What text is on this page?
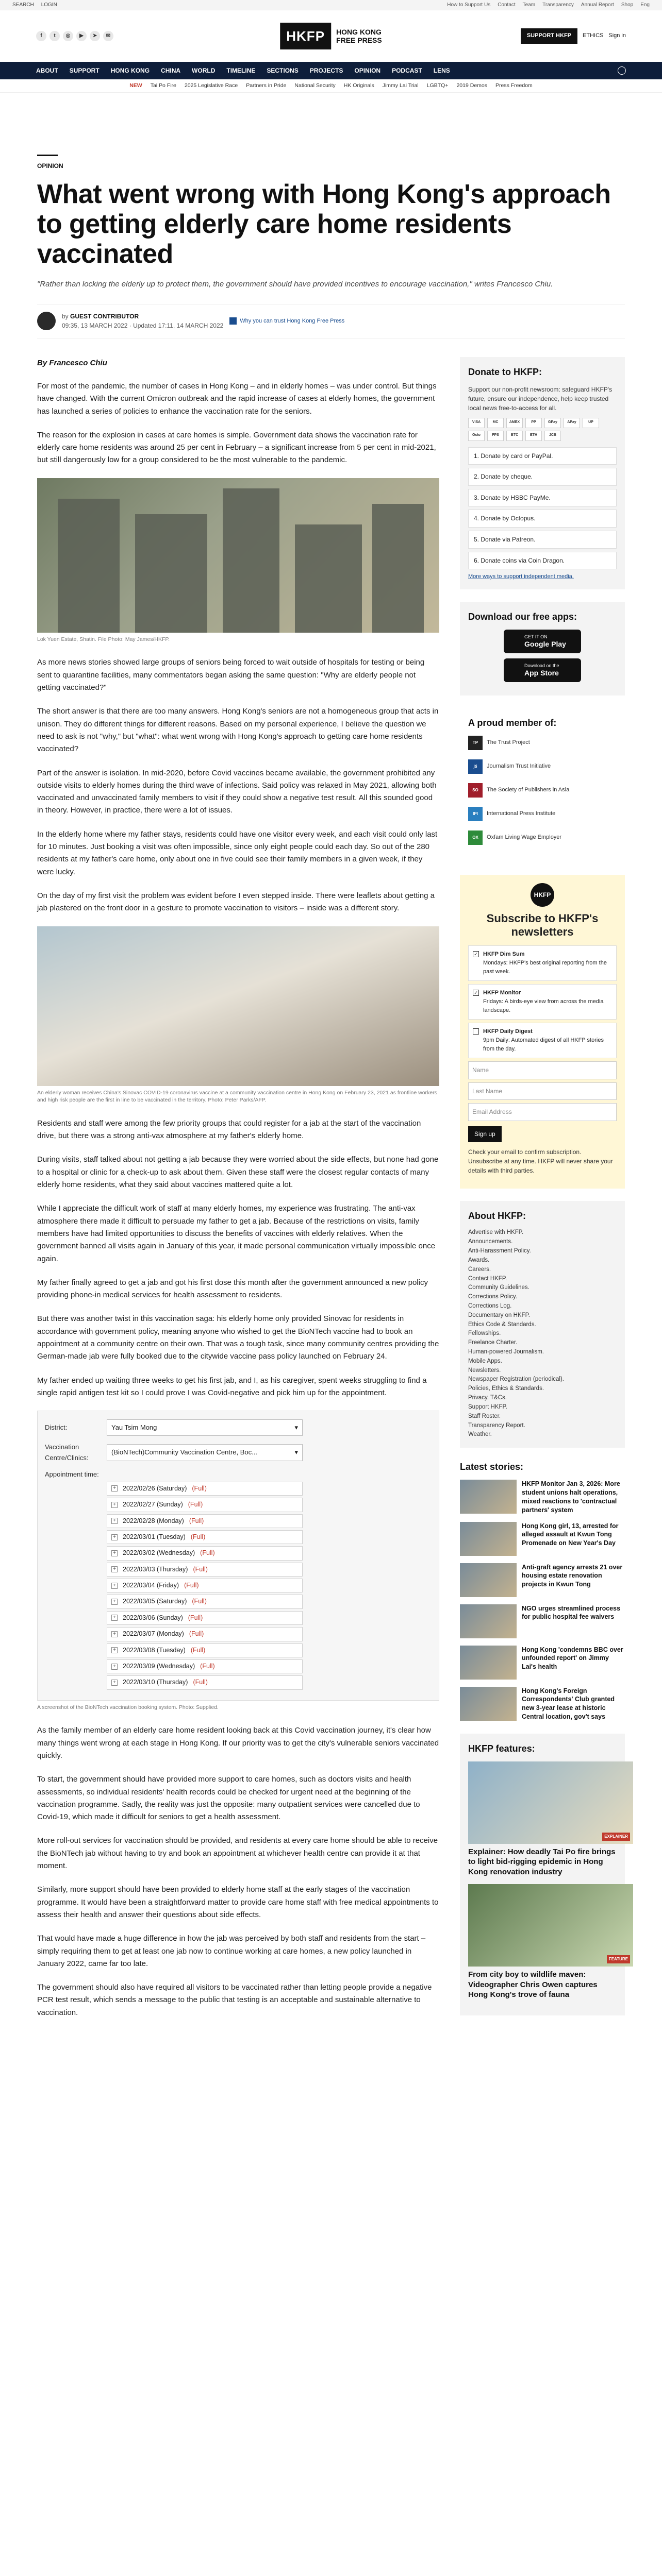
SEARCH LOGIN	How to Support Us Contact Team Transparency Annual Report Shop Eng
f	t	◎	▶	➤	✉	HKFP	HONG KONG
FREE PRESS
SUPPORT HKFP	ETHICS Sign in
ABOUT SUPPORT HONG KONG CHINA WORLD TIMELINE SECTIONS PROJECTS OPINION PODCAST LENS
NEW Tai Po Fire 2025 Legislative Race Partners in Pride National Security HK Originals Jimmy Lai Trial LGBTQ+ 2019 Demos Press Freedom
OPINION
What went wrong with Hong Kong's approach to getting elderly care home residents vaccinated

"Rather than locking the elderly up to protect them, the government should have provided incentives to encourage vaccination," writes Francesco Chiu.

by GUEST CONTRIBUTOR
09:35, 13 MARCH 2022 · Updated 17:11, 14 MARCH 2022
Why you can trust Hong Kong Free Press
By Francesco Chiu

For most of the pandemic, the number of cases in Hong Kong – and in elderly homes – was under control. But things have changed. With the current Omicron outbreak and the rapid increase of cases at elderly homes, the government has launched a series of policies to enhance the vaccination rate for the seniors.

The reason for the explosion in cases at care homes is simple. Government data shows the vaccination rate for elderly care home residents was around 25 per cent in February – a significant increase from 5 per cent in mid-2021, but still dangerously low for a group considered to be the most vulnerable to the pandemic.

Lok Yuen Estate, Shatin. File Photo: May James/HKFP.

As more news stories showed large groups of seniors being forced to wait outside of hospitals for testing or being sent to quarantine facilities, many commentators began asking the same question: "Why are elderly people not getting vaccinated?"

The short answer is that there are too many answers. Hong Kong's seniors are not a homogeneous group that acts in unison. They do different things for different reasons. Based on my personal experience, I believe the question we need to ask is not "why," but "what": what went wrong with Hong Kong's approach to getting care home residents vaccinated?

Part of the answer is isolation. In mid-2020, before Covid vaccines became available, the government prohibited any outside visits to elderly homes during the third wave of infections. Said policy was relaxed in May 2021, allowing both vaccinated and unvaccinated family members to visit if they could show a negative test result. All this sounded good in theory. However, in practice, there were a lot of issues.

In the elderly home where my father stays, residents could have one visitor every week, and each visit could only last for 10 minutes. Just booking a visit was often impossible, since only eight people could each day. So out of the 280 residents at my father's care home, only about one in five could see their family members in a given week, if they were lucky.

On the day of my first visit the problem was evident before I even stepped inside. There were leaflets about getting a jab plastered on the front door in a gesture to promote vaccination to visitors – inside was a different story.

An elderly woman receives China's Sinovac COVID-19 coronavirus vaccine at a community vaccination centre in Hong Kong on February 23, 2021 as frontline workers and high risk people are the first in line to be vaccinated in the territory. Photo: Peter Parks/AFP.

Residents and staff were among the few priority groups that could register for a jab at the start of the vaccination drive, but there was a strong anti-vax atmosphere at my father's elderly home.

During visits, staff talked about not getting a jab because they were worried about the side effects, but none had gone to a hospital or clinic for a check-up to ask about them. Given these staff were the closest regular contacts of many elderly home residents, what they said about vaccines mattered quite a lot.

While I appreciate the difficult work of staff at many elderly homes, my experience was frustrating. The anti-vax atmosphere there made it difficult to persuade my father to get a jab. Because of the restrictions on visits, family members have had limited opportunities to discuss the benefits of vaccines with elderly relatives. When the government banned all visits again in January of this year, it made personal communication virtually impossible once again.

My father finally agreed to get a jab and got his first dose this month after the government announced a new policy providing phone-in medical services for health assessment to residents.

But there was another twist in this vaccination saga: his elderly home only provided Sinovac for residents in accordance with government policy, meaning anyone who wished to get the BioNTech vaccine had to book an appointment at a community centre on their own. That was a tough task, since many community centres providing the German-made jab were fully booked due to the citywide vaccine pass policy launched on February 24.

My father ended up waiting three weeks to get his first jab, and I, as his caregiver, spent weeks struggling to find a single rapid antigen test kit so I could prove I was Covid-negative and pick him up for the appointment.

District:	Yau Tsim Mong	▾
Vaccination Centre/Clinics:
(BioNTech)Community Vaccination Centre, Boc...	▾
Appointment time:
+ 2022/02/26 (Saturday) (Full)
+ 2022/02/27 (Sunday) (Full)
+ 2022/02/28 (Monday) (Full)
+ 2022/03/01 (Tuesday) (Full)
+ 2022/03/02 (Wednesday) (Full)
+ 2022/03/03 (Thursday) (Full)
+ 2022/03/04 (Friday) (Full)
+ 2022/03/05 (Saturday) (Full)
+ 2022/03/06 (Sunday) (Full)
+ 2022/03/07 (Monday) (Full)
+ 2022/03/08 (Tuesday) (Full)
+ 2022/03/09 (Wednesday) (Full)
+ 2022/03/10 (Thursday) (Full)
A screenshot of the BioNTech vaccination booking system. Photo: Supplied.

As the family member of an elderly care home resident looking back at this Covid vaccination journey, it's clear how many things went wrong at each stage in Hong Kong. If our priority was to get the city's vulnerable seniors vaccinated quickly.

To start, the government should have provided more support to care homes, such as doctors visits and health assessments, so individual residents' health records could be checked for urgent need at the beginning of the vaccination programme. Sadly, the reality was just the opposite: many outpatient services were cancelled due to Covid-19, which made it difficult for seniors to get a health assessment.

More roll-out services for vaccination should be provided, and residents at every care home should be able to receive the BioNTech jab without having to try and book an appointment at whichever health centre can provide it at that moment.

Similarly, more support should have been provided to elderly home staff at the early stages of the vaccination programme. It would have been a straightforward matter to provide care home staff with free medical appointments to assess their health and answer their questions about side effects.

That would have made a huge difference in how the jab was perceived by both staff and residents from the start – simply requiring them to get at least one jab now to continue working at care homes, a new policy launched in January 2022, came far too late.

The government should also have required all visitors to be vaccinated rather than letting people provide a negative PCR test result, which sends a message to the public that testing is an acceptable and sustainable alternative to vaccination.

Donate to HKFP:
Support our non-profit newsroom: safeguard HKFP's future, ensure our independence, help keep trusted local news free-to-access for all.
VISA	MC	AMEX	PP	GPay	APay	UP
Octo	FPS	BTC	ETH	JCB
1. Donate by card or PayPal.
2. Donate by cheque.
3. Donate by HSBC PayMe.
4. Donate by Octopus.
5. Donate via Patreon.
6. Donate coins via Coin Dragon.
More ways to support independent media.
Download our free apps:
GET IT ON
Google Play
Download on the
App Store
A proud member of:
TP	The Trust Project
jti	Journalism Trust Initiative
SO	The Society of Publishers in Asia
IPI	International Press Institute
OX	Oxfam Living Wage Employer
HKFP
Subscribe to HKFP's newsletters
✓ HKFP Dim Sum
Mondays: HKFP's best original reporting from the past week.
✓ HKFP Monitor
Fridays: A birds-eye view from across the media landscape.
HKFP Daily Digest
9pm Daily: Automated digest of all HKFP stories from the day.
Name
Last Name
Email Address
Sign up
Check your email to confirm subscription. Unsubscribe at any time. HKFP will never share your details with third parties.
About HKFP:
Advertise with HKFP.
Announcements.
Anti-Harassment Policy.
Awards.
Careers.
Contact HKFP.
Community Guidelines.
Corrections Policy.
Corrections Log.
Documentary on HKFP.
Ethics Code & Standards.
Fellowships.
Freelance Charter.
Human-powered Journalism.
Mobile Apps.
Newsletters.
Newspaper Registration (periodical).
Policies, Ethics & Standards.
Privacy, T&Cs.
Support HKFP.
Staff Roster.
Transparency Report.
Weather.
Latest stories:
HKFP Monitor Jan 3, 2026: More student unions halt operations, mixed reactions to 'contractual partners' system
Hong Kong girl, 13, arrested for alleged assault at Kwun Tong Promenade on New Year's Day
Anti-graft agency arrests 21 over housing estate renovation projects in Kwun Tong
NGO urges streamlined process for public hospital fee waivers
Hong Kong 'condemns BBC over unfounded report' on Jimmy Lai's health
Hong Kong's Foreign Correspondents' Club granted new 3-year lease at historic Central location, gov't says
HKFP features:
EXPLAINER
Explainer: How deadly Tai Po fire brings to light bid-rigging epidemic in Hong Kong renovation industry
FEATURE
From city boy to wildlife maven: Videographer Chris Owen captures Hong Kong's trove of fauna
